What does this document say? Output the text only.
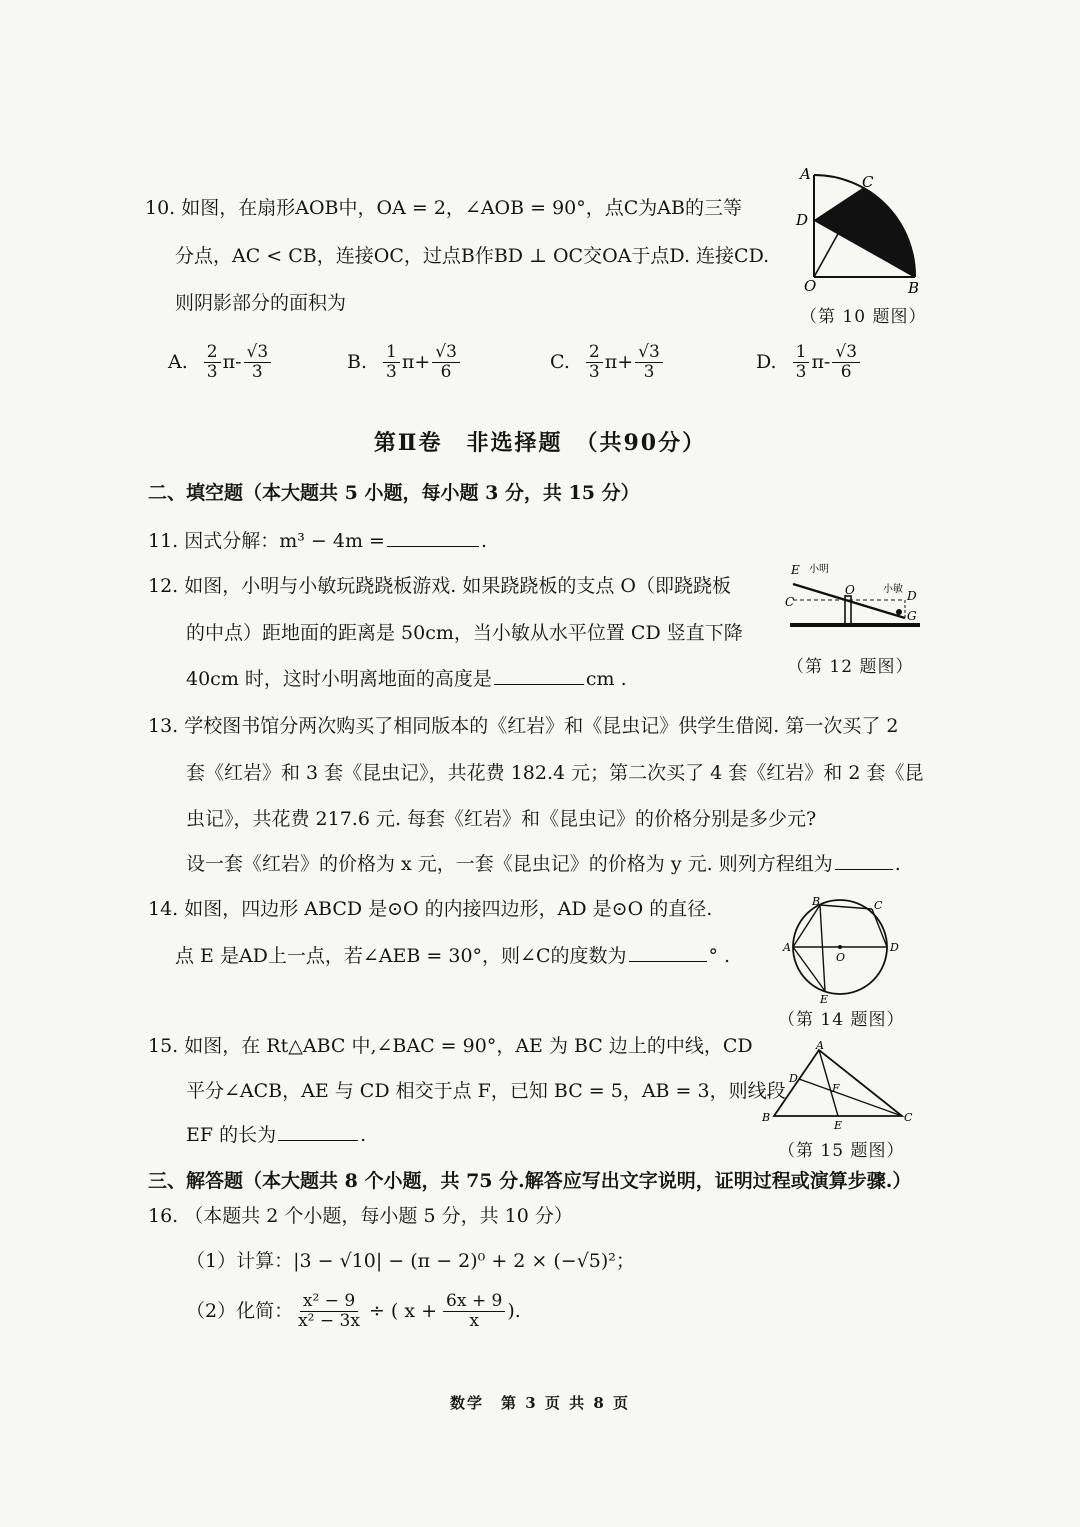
10. 如图，在扇形AOB中，OA = 2，∠AOB = 90°，点C为AB的三等
分点，AC < CB，连接OC，过点B作BD ⊥ OC交OA于点D. 连接CD.
则阴影部分的面积为
A	C
D
O	B
（第 10 题图）
A. $\frac{2}{3} \pi- \frac{√3}{3}$	B. $\frac{1}{3} \pi+ \frac{√3}{6}$	C. $\frac{2}{3} \pi+ \frac{√3}{3}$	D. $\frac{1}{3} \pi- \frac{√3}{6}$
第Ⅱ卷　非选择题　（共90分）
二、填空题（本大题共 5 小题，每小题 3 分，共 15 分）
11. 因式分解：m³ − 4m =	.
12. 如图，小明与小敏玩跷跷板游戏. 如果跷跷板的支点 O（即跷跷板
的中点）距地面的距离是 50cm，当小敏从水平位置 CD 竖直下降
40cm 时，这时小明离地面的高度是	cm .
E 小明
O	小敏
C	D
G
（第 12 题图）
13. 学校图书馆分两次购买了相同版本的《红岩》和《昆虫记》供学生借阅. 第一次买了 2
套《红岩》和 3 套《昆虫记》，共花费 182.4 元；第二次买了 4 套《红岩》和 2 套《昆
虫记》，共花费 217.6 元. 每套《红岩》和《昆虫记》的价格分别是多少元?
设一套《红岩》的价格为 x 元，一套《昆虫记》的价格为 y 元. 则列方程组为	.
14. 如图，四边形 ABCD 是⊙O 的内接四边形，AD 是⊙O 的直径.
点 E 是AD上一点，若∠AEB = 30°，则∠C的度数为	° .
B	C
A	D
O
E
（第 14 题图）
15. 如图，在 Rt△ABC 中,∠BAC = 90°，AE 为 BC 边上的中线，CD
平分∠ACB，AE 与 CD 相交于点 F，已知 BC = 5，AB = 3，则线段
EF 的长为	.
A
B	C
D
E
F
（第 15 题图）
三、解答题（本大题共 8 个小题，共 75 分.解答应写出文字说明，证明过程或演算步骤.）
16. （本题共 2 个小题，每小题 5 分，共 10 分）
（1）计算：|3 − √10| − (π − 2)⁰ + 2 × (−√5)²；
（2）化简： $\frac{\text{x² − 9}}{\text{x² − 3x}}$ ÷ ( $x + \frac{6x + 9}{x}$ ).
数学　第 3 页 共 8 页
